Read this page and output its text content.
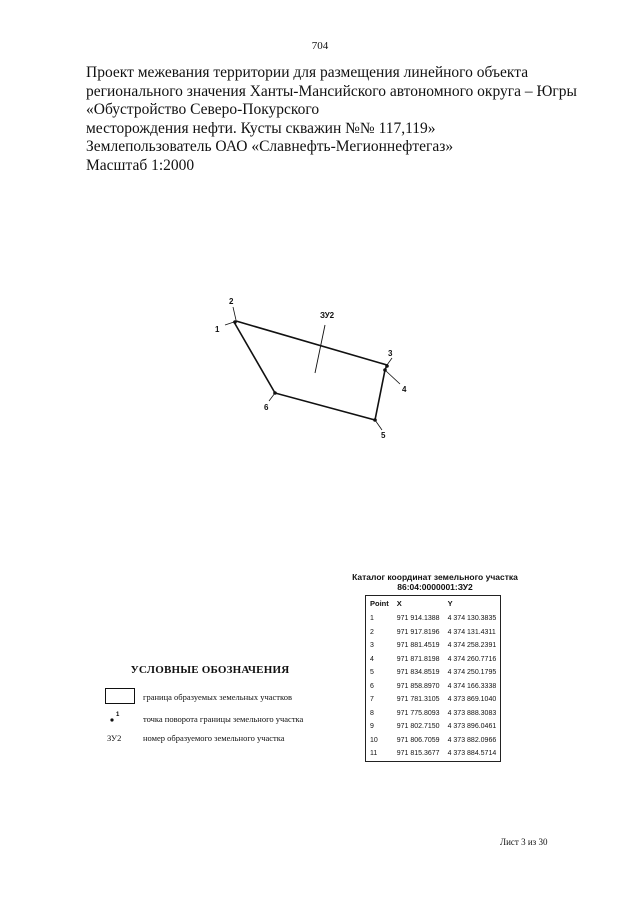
704
Проект межевания территории для размещения линейного объекта
регионального значения Ханты-Мансийского автономного округа – Югры
«Обустройство Северо-Покурского
месторождения нефти. Кусты скважин №№ 117,119»
Землепользователь ОАО «Славнефть-Мегионнефтегаз»
Масштаб 1:2000
ЗУ2
1
2
3
4
5
6
Каталог координат земельного участка
86:04:0000001:ЗУ2
Point	X	Y
1	971 914.1388	4 374 130.3835
2	971 917.8196	4 374 131.4311
3	971 881.4519	4 374 258.2391
4	971 871.8198	4 374 260.7716
5	971 834.8519	4 374 250.1795
6	971 858.8970	4 374 166.3338
7	971 781.3105	4 373 869.1040
8	971 775.8093	4 373 888.3083
9	971 802.7150	4 373 896.0461
10	971 806.7059	4 373 882.0966
11	971 815.3677	4 373 884.5714
УСЛОВНЫЕ ОБОЗНАЧЕНИЯ
граница образуемых земельных участков
1	точка поворота границы земельного участка
ЗУ2	номер образуемого земельного участка
Лист 3 из 30
